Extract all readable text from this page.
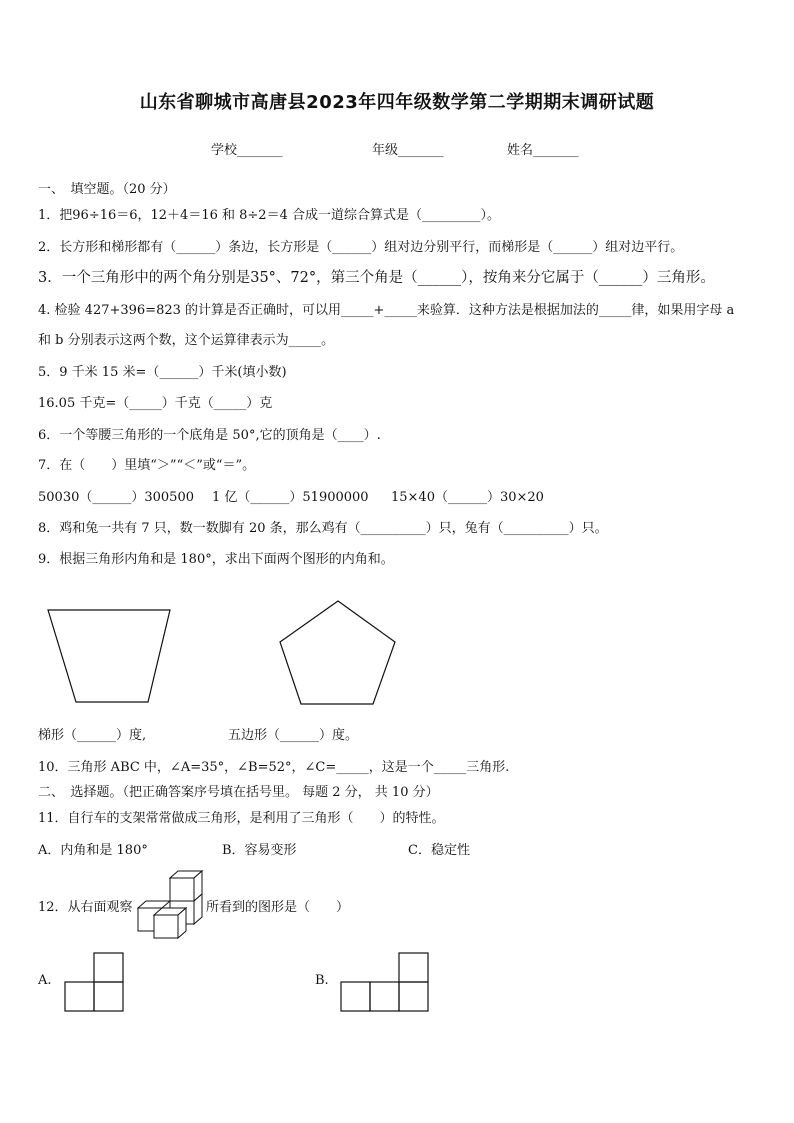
山东省聊城市高唐县2023年四年级数学第二学期期末调研试题
学校_______	年级_______	姓名_______
一、　填空题。（20 分）
1．把96÷16＝6，12＋4＝16 和 8÷2＝4 合成一道综合算式是（_________）。
2．长方形和梯形都有（______）条边，长方形是（______）组对边分别平行，而梯形是（______）组对边平行。
3．一个三角形中的两个角分别是35°、72°，第三个角是（______），按角来分它属于（______）三角形。
4. 检验 427+396=823 的计算是否正确时，可以用_____+_____来验算．这种方法是根据加法的_____律，如果用字母 a
和 b 分别表示这两个数，这个运算律表示为_____。
5．9 千米 15 米=（______）千米(填小数)
16.05 千克=（_____）千克（_____）克
6．一个等腰三角形的一个底角是 50°,它的顶角是（____）.
7．在（　　）里填“＞”“＜”或“＝”。
50030（______）300500 1 亿（______）51900000 15×40（______）30×20
8．鸡和兔一共有 7 只，数一数脚有 20 条，那么鸡有（__________）只，兔有（__________）只。
9．根据三角形内角和是 180°，求出下面两个图形的内角和。
梯形（______）度,	五边形（______）度。
10．三角形 ABC 中，∠A=35°，∠B=52°，∠C=_____，这是一个_____三角形.
二、　选择题。（把正确答案序号填在括号里。 每题 2 分， 共 10 分）
11．自行车的支架常常做成三角形，是利用了三角形（　　）的特性。
A．内角和是 180°	B．容易变形	C．稳定性
12．从右面观察	所看到的图形是（　　）
A.	B.
